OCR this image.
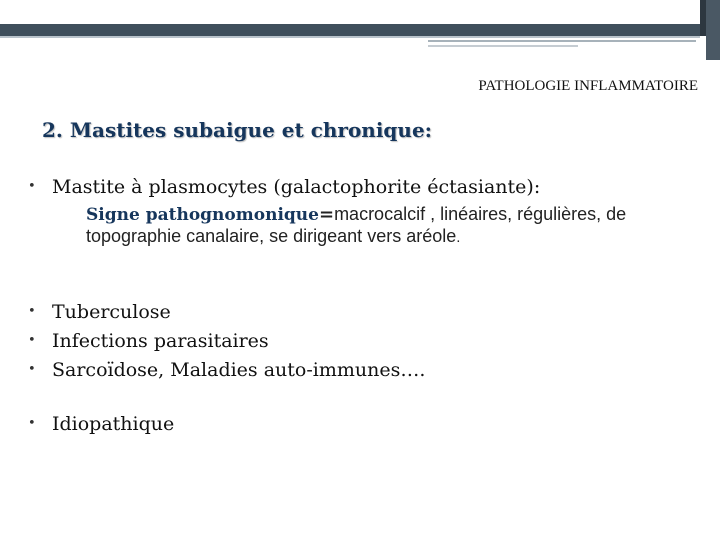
PATHOLOGIE INFLAMMATOIRE
2. Mastites subaigue et chronique:
• Mastite à plasmocytes (galactophorite éctasiante):
Signe pathognomonique=macrocalcif , linéaires, régulières, de topographie canalaire, se dirigeant vers aréole.
• Tuberculose
• Infections parasitaires
• Sarcoïdose, Maladies auto-immunes….
• Idiopathique
